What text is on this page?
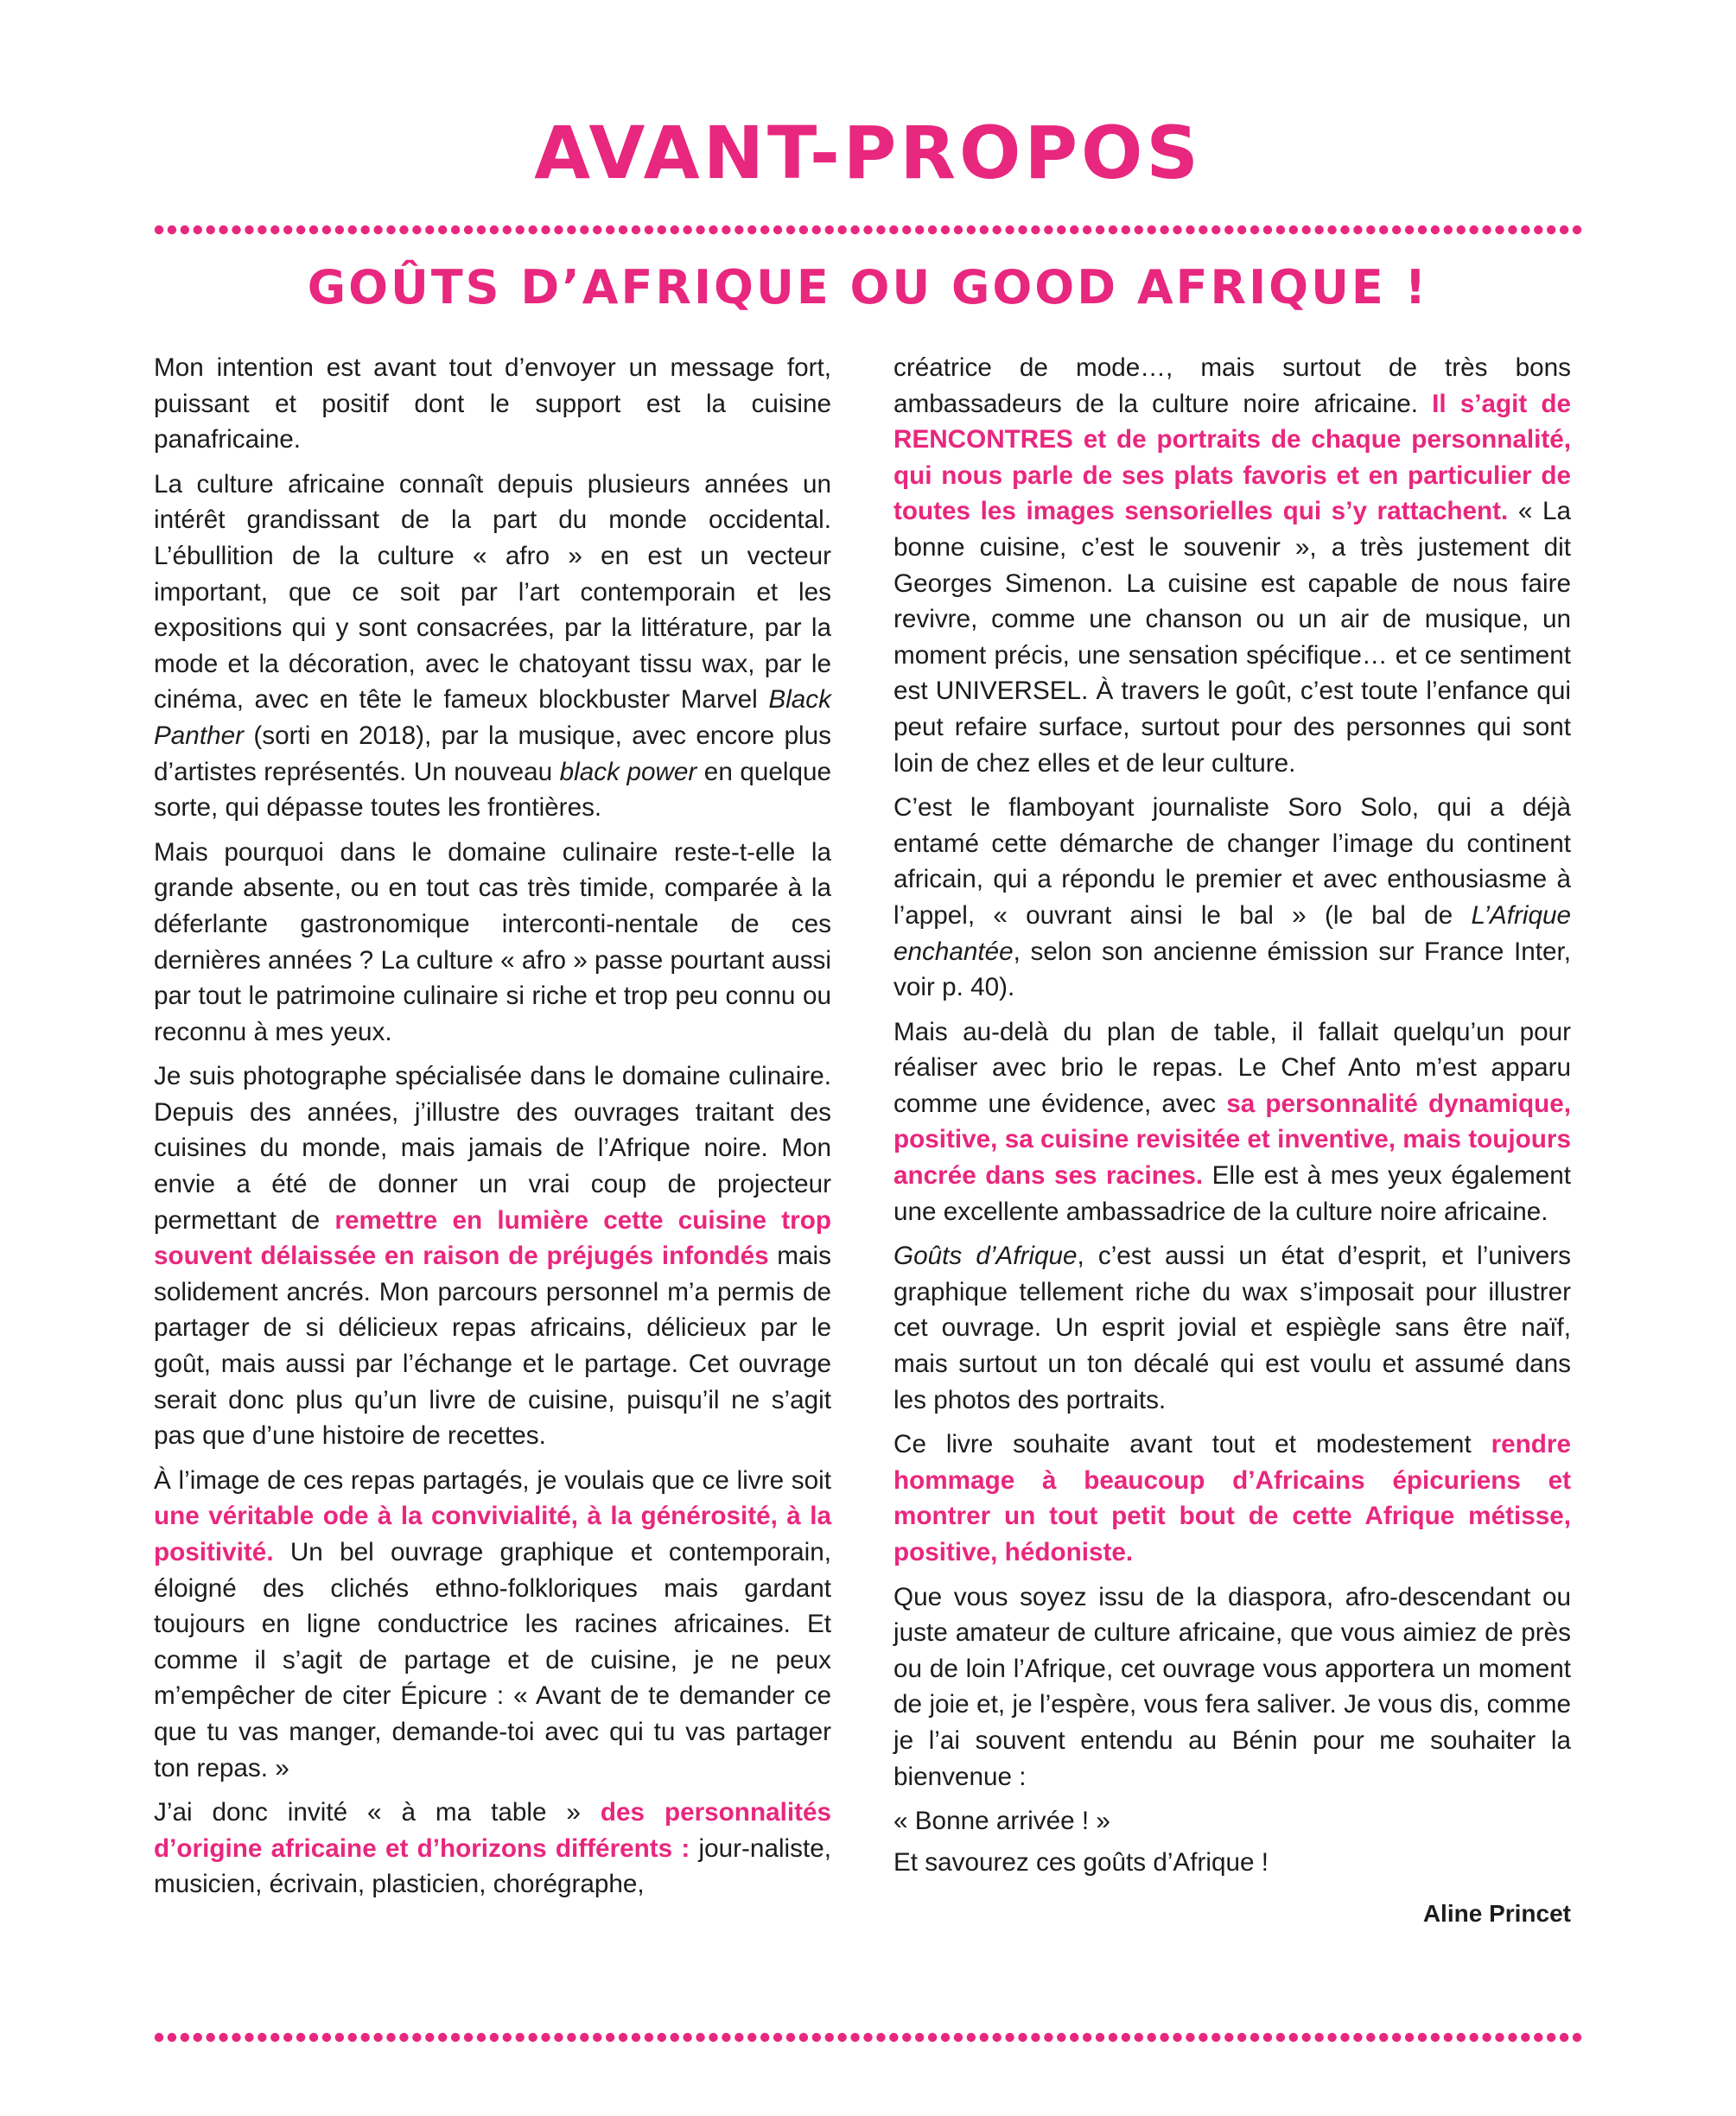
AVANT-PROPOS
GOÛTS D’AFRIQUE OU GOOD AFRIQUE !

Mon intention est avant tout d’envoyer un message fort, puissant et positif dont le support est la cuisine panafricaine.

La culture africaine connaît depuis plusieurs années un intérêt grandissant de la part du monde occidental. L’ébullition de la culture « afro » en est un vecteur important, que ce soit par l’art contemporain et les expositions qui y sont consacrées, par la littérature, par la mode et la décoration, avec le chatoyant tissu wax, par le cinéma, avec en tête le fameux blockbuster Marvel Black Panther (sorti en 2018), par la musique, avec encore plus d’artistes représentés. Un nouveau black power en quelque sorte, qui dépasse toutes les frontières.

Mais pourquoi dans le domaine culinaire reste-t-elle la grande absente, ou en tout cas très timide, comparée à la déferlante gastronomique interconti-nentale de ces dernières années ? La culture « afro » passe pourtant aussi par tout le patrimoine culinaire si riche et trop peu connu ou reconnu à mes yeux.

Je suis photographe spécialisée dans le domaine culinaire. Depuis des années, j’illustre des ouvrages traitant des cuisines du monde, mais jamais de l’Afrique noire. Mon envie a été de donner un vrai coup de projecteur permettant de remettre en lumière cette cuisine trop souvent délaissée en raison de préjugés infondés mais solidement ancrés. Mon parcours personnel m’a permis de partager de si délicieux repas africains, délicieux par le goût, mais aussi par l’échange et le partage. Cet ouvrage serait donc plus qu’un livre de cuisine, puisqu’il ne s’agit pas que d’une histoire de recettes.

À l’image de ces repas partagés, je voulais que ce livre soit une véritable ode à la convivialité, à la générosité, à la positivité. Un bel ouvrage graphique et contemporain, éloigné des clichés ethno-folkloriques mais gardant toujours en ligne conductrice les racines africaines. Et comme il s’agit de partage et de cuisine, je ne peux m’empêcher de citer Épicure : « Avant de te demander ce que tu vas manger, demande-toi avec qui tu vas partager ton repas. »

J’ai donc invité « à ma table » des personnalités d’origine africaine et d’horizons différents : jour-naliste, musicien, écrivain, plasticien, chorégraphe,

créatrice de mode…, mais surtout de très bons ambassadeurs de la culture noire africaine. Il s’agit de RENCONTRES et de portraits de chaque personnalité, qui nous parle de ses plats favoris et en particulier de toutes les images sensorielles qui s’y rattachent. « La bonne cuisine, c’est le souvenir », a très justement dit Georges Simenon. La cuisine est capable de nous faire revivre, comme une chanson ou un air de musique, un moment précis, une sensation spécifique… et ce sentiment est UNIVERSEL. À travers le goût, c’est toute l’enfance qui peut refaire surface, surtout pour des personnes qui sont loin de chez elles et de leur culture.

C’est le flamboyant journaliste Soro Solo, qui a déjà entamé cette démarche de changer l’image du continent africain, qui a répondu le premier et avec enthousiasme à l’appel, « ouvrant ainsi le bal » (le bal de L’Afrique enchantée, selon son ancienne émission sur France Inter, voir p. 40).

Mais au-delà du plan de table, il fallait quelqu’un pour réaliser avec brio le repas. Le Chef Anto m’est apparu comme une évidence, avec sa personnalité dynamique, positive, sa cuisine revisitée et inventive, mais toujours ancrée dans ses racines. Elle est à mes yeux également une excellente ambassadrice de la culture noire africaine.

Goûts d’Afrique, c’est aussi un état d’esprit, et l’univers graphique tellement riche du wax s’imposait pour illustrer cet ouvrage. Un esprit jovial et espiègle sans être naïf, mais surtout un ton décalé qui est voulu et assumé dans les photos des portraits.

Ce livre souhaite avant tout et modestement rendre hommage à beaucoup d’Africains épicuriens et montrer un tout petit bout de cette Afrique métisse, positive, hédoniste.

Que vous soyez issu de la diaspora, afro-descendant ou juste amateur de culture africaine, que vous aimiez de près ou de loin l’Afrique, cet ouvrage vous apportera un moment de joie et, je l’espère, vous fera saliver. Je vous dis, comme je l’ai souvent entendu au Bénin pour me souhaiter la bienvenue :

« Bonne arrivée ! »

Et savourez ces goûts d’Afrique !

Aline Princet
